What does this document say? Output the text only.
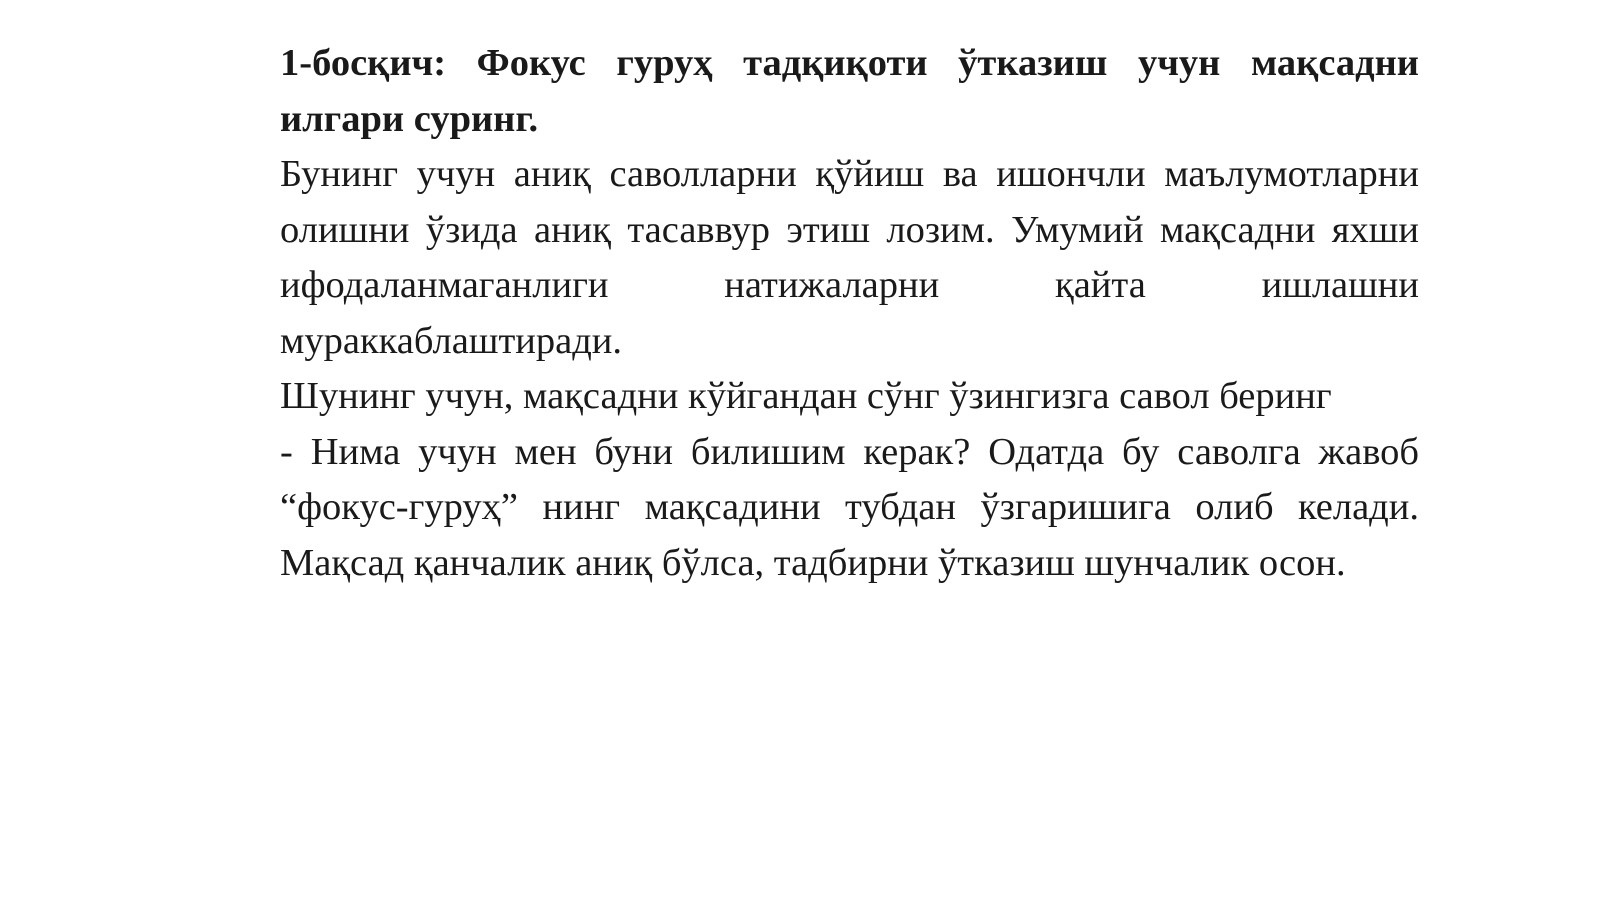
1-босқич: Фокус гуруҳ тадқиқоти ўтказиш учун мақсадни илгари суринг.

Бунинг учун аниқ саволларни қўйиш ва ишончли маълумотларни олишни ўзида аниқ тасаввур этиш лозим. Умумий мақсадни яхши ифодаланмаганлиги натижаларни қайта ишлашни мураккаблаштиради.

Шунинг учун, мақсадни кўйгандан сўнг ўзингизга савол беринг

- Нима учун мен буни билишим керак? Одатда бу саволга жавоб “фокус-гуруҳ” нинг мақсадини тубдан ўзгаришига олиб келади. Мақсад қанчалик аниқ бўлса, тадбирни ўтказиш шунчалик осон.
